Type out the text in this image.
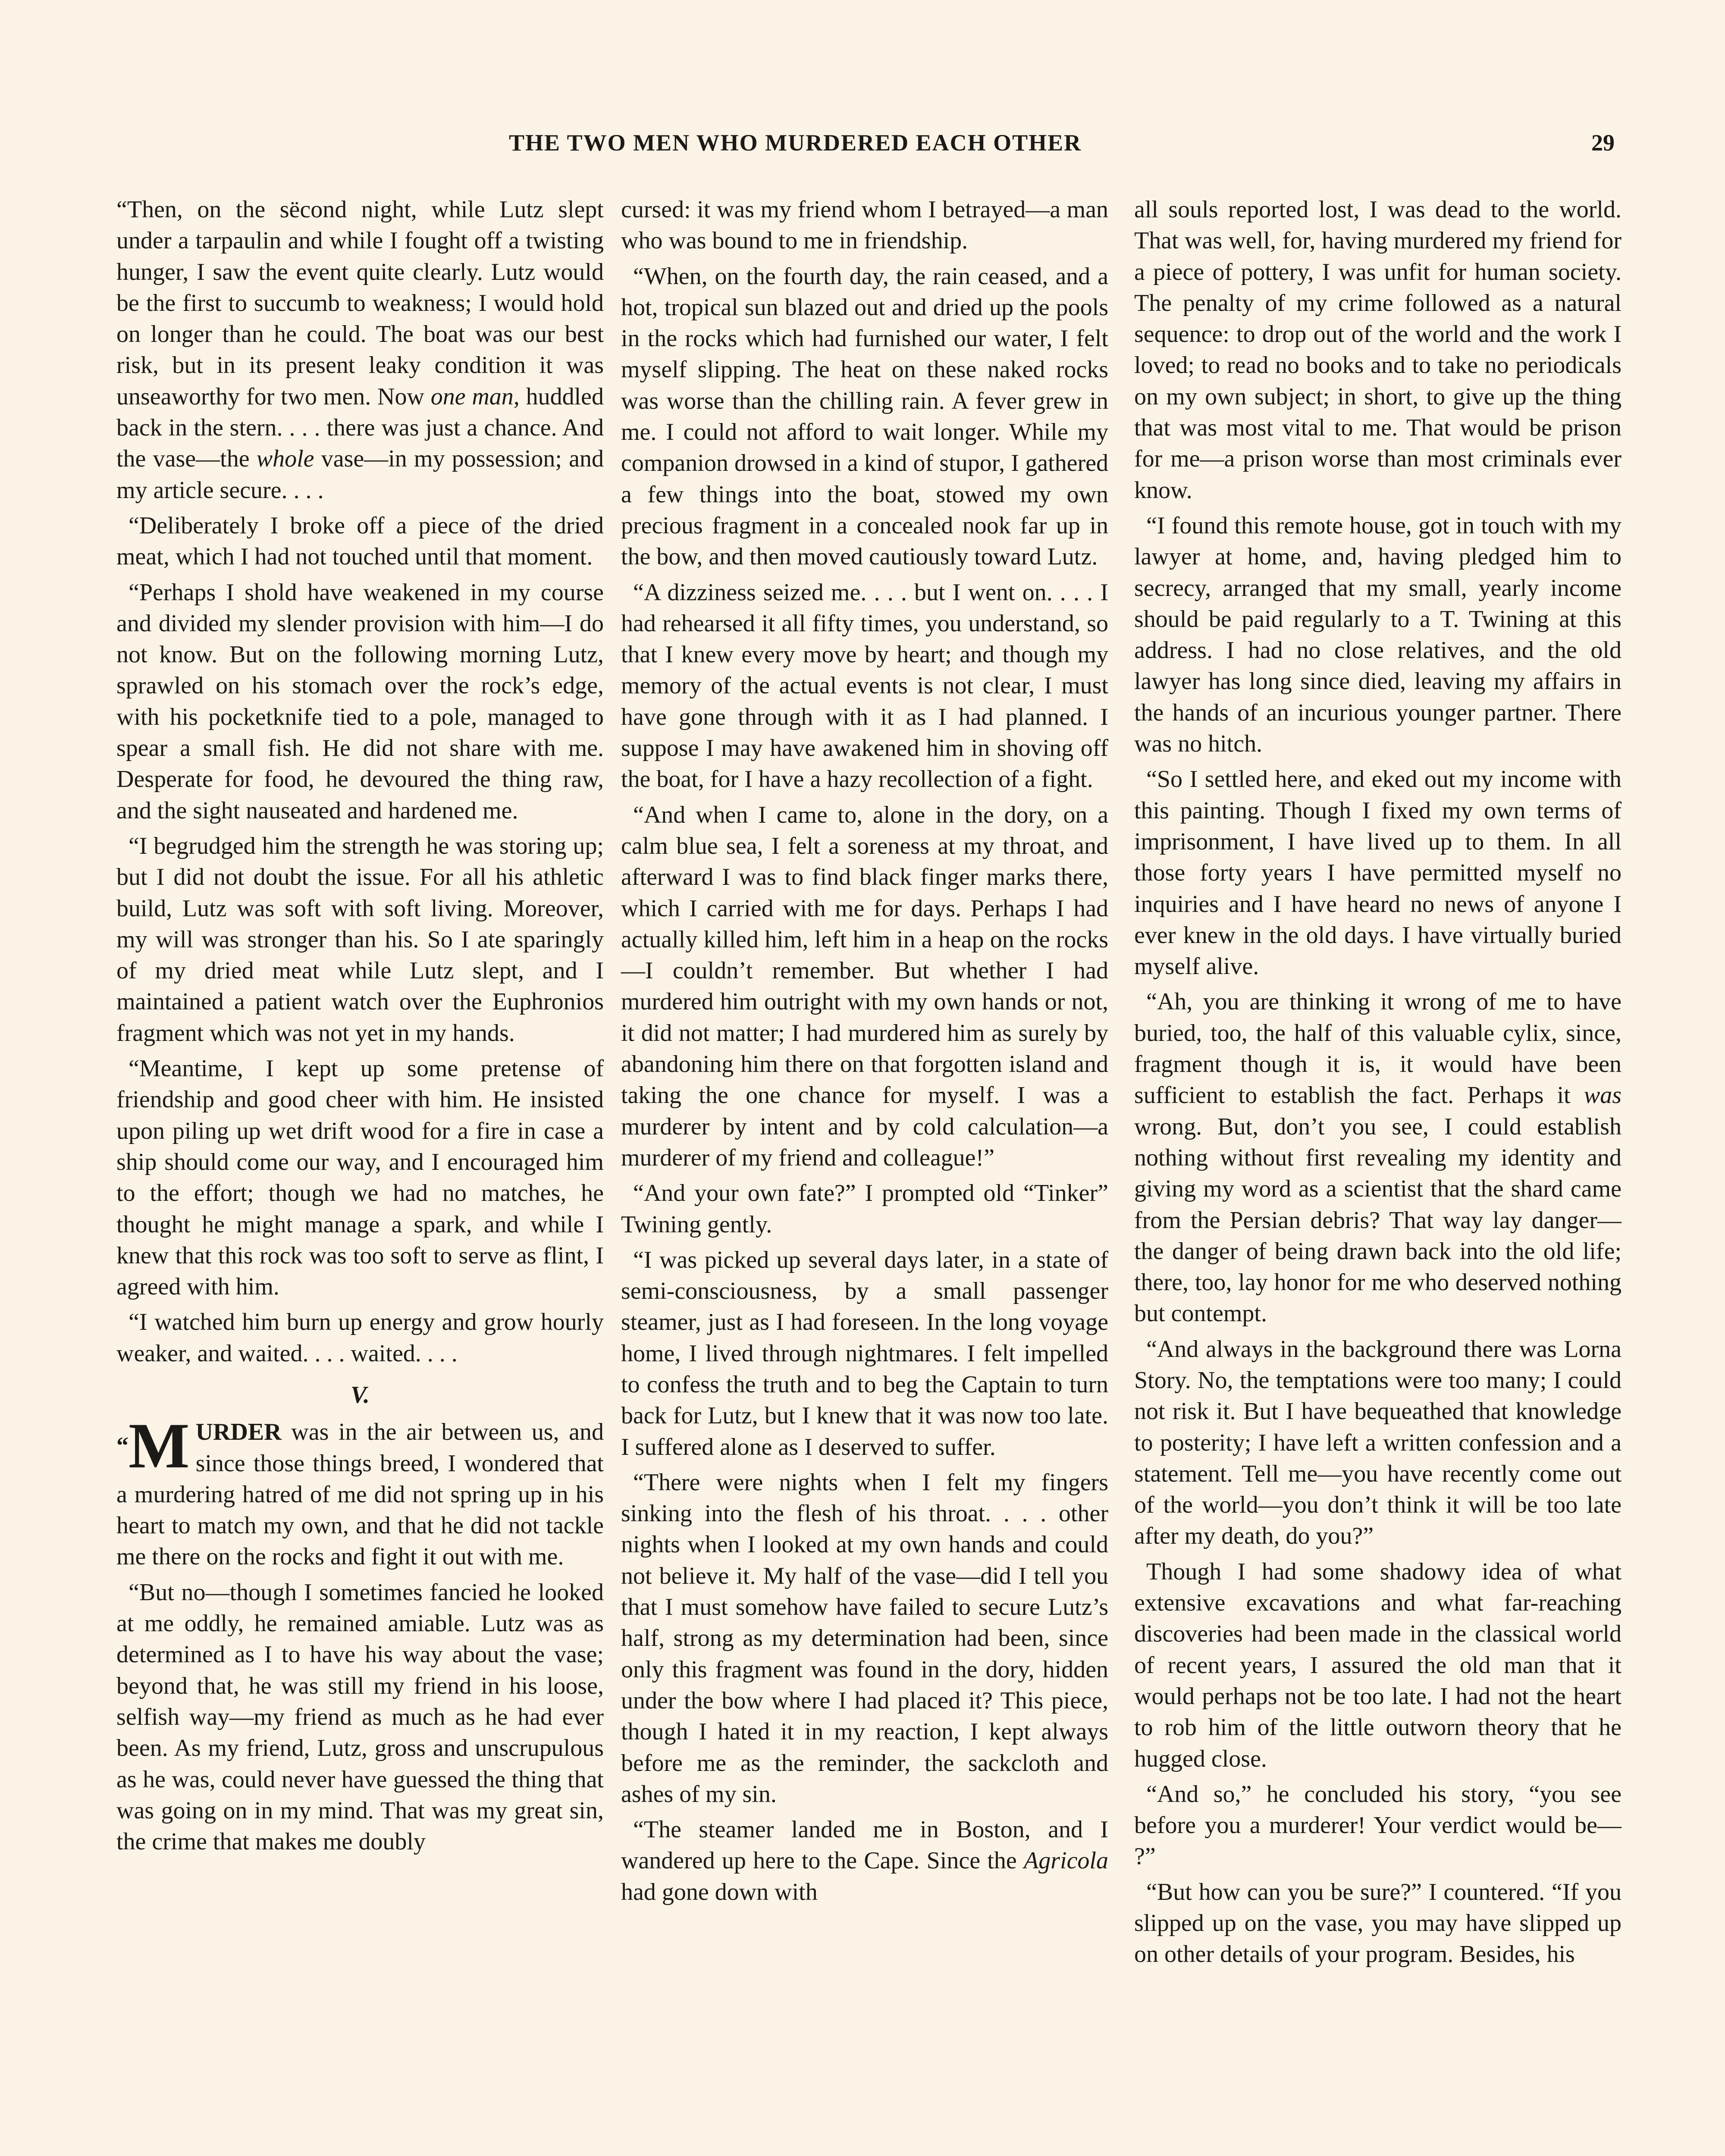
THE TWO MEN WHO MURDERED EACH OTHER	29

“Then, on the sëcond night, while Lutz slept under a tarpaulin and while I fought off a twisting hunger, I saw the event quite clearly. Lutz would be the first to succumb to weakness; I would hold on longer than he could. The boat was our best risk, but in its present leaky condition it was unseaworthy for two men. Now one man, huddled back in the stern. . . . there was just a chance. And the vase—the whole vase—in my possession; and my article secure. . . .

“Deliberately I broke off a piece of the dried meat, which I had not touched until that moment.

“Perhaps I shold have weakened in my course and divided my slender provision with him—I do not know. But on the following morning Lutz, sprawled on his stomach over the rock’s edge, with his pocketknife tied to a pole, managed to spear a small fish. He did not share with me. Desperate for food, he devoured the thing raw, and the sight nauseated and hardened me.

“I begrudged him the strength he was storing up; but I did not doubt the issue. For all his athletic build, Lutz was soft with soft living. Moreover, my will was stronger than his. So I ate sparingly of my dried meat while Lutz slept, and I maintained a patient watch over the Euphronios fragment which was not yet in my hands.

“Meantime, I kept up some pretense of friendship and good cheer with him. He insisted upon piling up wet drift wood for a fire in case a ship should come our way, and I encouraged him to the effort; though we had no matches, he thought he might manage a spark, and while I knew that this rock was too soft to serve as flint, I agreed with him.

“I watched him burn up energy and grow hourly weaker, and waited. . . . waited. . . .

V.

“M URDER was in the air between us, and since those things breed, I wondered that a murdering hatred of me did not spring up in his heart to match my own, and that he did not tackle me there on the rocks and fight it out with me.

“But no—though I sometimes fancied he looked at me oddly, he remained amiable. Lutz was as determined as I to have his way about the vase; beyond that, he was still my friend in his loose, selfish way—my friend as much as he had ever been. As my friend, Lutz, gross and unscrupulous as he was, could never have guessed the thing that was going on in my mind. That was my great sin, the crime that makes me doubly

cursed: it was my friend whom I betrayed—a man who was bound to me in friendship.

“When, on the fourth day, the rain ceased, and a hot, tropical sun blazed out and dried up the pools in the rocks which had furnished our water, I felt myself slipping. The heat on these naked rocks was worse than the chilling rain. A fever grew in me. I could not afford to wait longer. While my companion drowsed in a kind of stupor, I gathered a few things into the boat, stowed my own precious fragment in a concealed nook far up in the bow, and then moved cautiously toward Lutz.

“A dizziness seized me. . . . but I went on. . . . I had rehearsed it all fifty times, you understand, so that I knew every move by heart; and though my memory of the actual events is not clear, I must have gone through with it as I had planned. I suppose I may have awakened him in shoving off the boat, for I have a hazy recollection of a fight.

“And when I came to, alone in the dory, on a calm blue sea, I felt a soreness at my throat, and afterward I was to find black finger marks there, which I carried with me for days. Perhaps I had actually killed him, left him in a heap on the rocks—I couldn’t remember. But whether I had murdered him outright with my own hands or not, it did not matter; I had murdered him as surely by abandoning him there on that forgotten island and taking the one chance for myself. I was a murderer by intent and by cold calculation—a murderer of my friend and colleague!”

“And your own fate?” I prompted old “Tinker” Twining gently.

“I was picked up several days later, in a state of semi-consciousness, by a small passenger steamer, just as I had foreseen. In the long voyage home, I lived through nightmares. I felt impelled to confess the truth and to beg the Captain to turn back for Lutz, but I knew that it was now too late. I suffered alone as I deserved to suffer.

“There were nights when I felt my fingers sinking into the flesh of his throat. . . . other nights when I looked at my own hands and could not believe it. My half of the vase—did I tell you that I must somehow have failed to secure Lutz’s half, strong as my determination had been, since only this fragment was found in the dory, hidden under the bow where I had placed it? This piece, though I hated it in my reaction, I kept always before me as the reminder, the sackcloth and ashes of my sin.

“The steamer landed me in Boston, and I wandered up here to the Cape. Since the Agricola had gone down with

all souls reported lost, I was dead to the world. That was well, for, having murdered my friend for a piece of pottery, I was unfit for human society. The penalty of my crime followed as a natural sequence: to drop out of the world and the work I loved; to read no books and to take no periodicals on my own subject; in short, to give up the thing that was most vital to me. That would be prison for me—a prison worse than most criminals ever know.

“I found this remote house, got in touch with my lawyer at home, and, having pledged him to secrecy, arranged that my small, yearly income should be paid regularly to a T. Twining at this address. I had no close relatives, and the old lawyer has long since died, leaving my affairs in the hands of an incurious younger partner. There was no hitch.

“So I settled here, and eked out my income with this painting. Though I fixed my own terms of imprisonment, I have lived up to them. In all those forty years I have permitted myself no inquiries and I have heard no news of anyone I ever knew in the old days. I have virtually buried myself alive.

“Ah, you are thinking it wrong of me to have buried, too, the half of this valuable cylix, since, fragment though it is, it would have been sufficient to establish the fact. Perhaps it was wrong. But, don’t you see, I could establish nothing without first revealing my identity and giving my word as a scientist that the shard came from the Persian debris? That way lay danger—the danger of being drawn back into the old life; there, too, lay honor for me who deserved nothing but contempt.

“And always in the background there was Lorna Story. No, the temptations were too many; I could not risk it. But I have bequeathed that knowledge to posterity; I have left a written confession and a statement. Tell me—you have recently come out of the world—you don’t think it will be too late after my death, do you?”

Though I had some shadowy idea of what extensive excavations and what far-reaching discoveries had been made in the classical world of recent years, I assured the old man that it would perhaps not be too late. I had not the heart to rob him of the little outworn theory that he hugged close.

“And so,” he concluded his story, “you see before you a murderer! Your verdict would be— ?”

“But how can you be sure?” I countered. “If you slipped up on the vase, you may have slipped up on other details of your program. Besides, his
